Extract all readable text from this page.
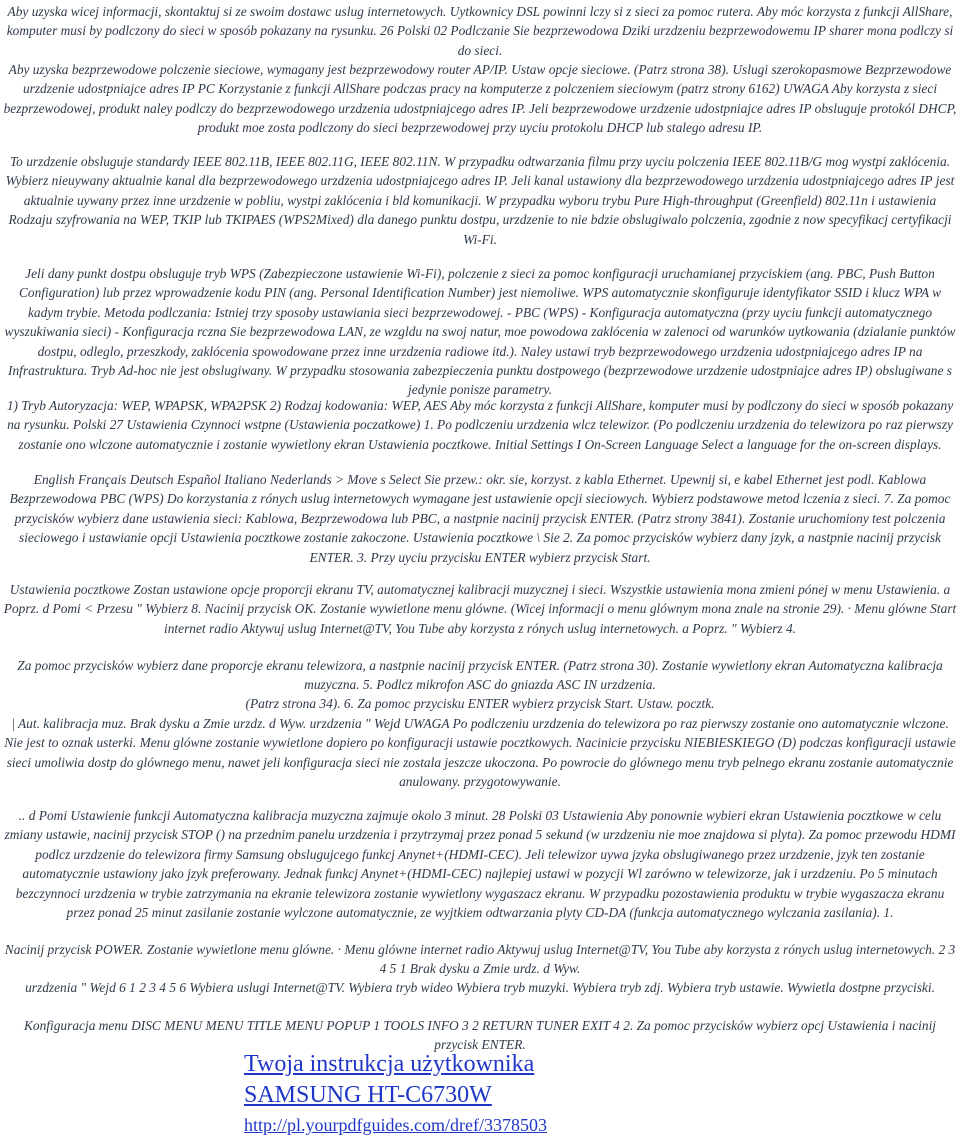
Aby uzyska wicej informacji, skontaktuj si ze swoim dostawc uslug internetowych. Uytkownicy DSL powinni lczy si z sieci za pomoc rutera. Aby móc korzysta z funkcji AllShare, komputer musi by podlczony do sieci w sposób pokazany na rysunku. 26 Polski 02 Podlczanie Sie bezprzewodowa Dziki urzdzeniu bezprzewodowemu IP sharer mona podlczy si do sieci.

Aby uzyska bezprzewodowe polczenie sieciowe, wymagany jest bezprzewodowy router AP/IP. Ustaw opcje sieciowe. (Patrz strona 38). Uslugi szerokopasmowe Bezprzewodowe urzdzenie udostpniajce adres IP PC Korzystanie z funkcji AllShare podczas pracy na komputerze z polczeniem sieciowym (patrz strony 6162) UWAGA Aby korzysta z sieci bezprzewodowej, produkt naley podlczy do bezprzewodowego urzdzenia udostpniajcego adres IP. Jeli bezprzewodowe urzdzenie udostpniajce adres IP obsluguje protokól DHCP, produkt moe zosta podlczony do sieci bezprzewodowej przy uyciu protokolu DHCP lub stalego adresu IP.

To urzdzenie obsluguje standardy IEEE 802.11B, IEEE 802.11G, IEEE 802.11N. W przypadku odtwarzania filmu przy uyciu polczenia IEEE 802.11B/G mog wystpi zaklócenia. Wybierz nieuywany aktualnie kanal dla bezprzewodowego urzdzenia udostpniajcego adres IP. Jeli kanal ustawiony dla bezprzewodowego urzdzenia udostpniajcego adres IP jest aktualnie uywany przez inne urzdzenie w pobliu, wystpi zaklócenia i bld komunikacji. W przypadku wyboru trybu Pure High-throughput (Greenfield) 802.11n i ustawienia Rodzaju szyfrowania na WEP, TKIP lub TKIPAES (WPS2Mixed) dla danego punktu dostpu, urzdzenie to nie bdzie obslugiwalo polczenia, zgodnie z now specyfikacj certyfikacji Wi-Fi.

Jeli dany punkt dostpu obsluguje tryb WPS (Zabezpieczone ustawienie Wi-Fi), polczenie z sieci za pomoc konfiguracji uruchamianej przyciskiem (ang. PBC, Push Button Configuration) lub przez wprowadzenie kodu PIN (ang. Personal Identification Number) jest niemoliwe. WPS automatycznie skonfiguruje identyfikator SSID i klucz WPA w kadym trybie. Metoda podlczania: Istniej trzy sposoby ustawiania sieci bezprzewodowej. - PBC (WPS) - Konfiguracja automatyczna (przy uyciu funkcji automatycznego wyszukiwania sieci) - Konfiguracja rczna Sie bezprzewodowa LAN, ze wzgldu na swoj natur, moe powodowa zaklócenia w zalenoci od warunków uytkowania (dzialanie punktów dostpu, odleglo, przeszkody, zaklócenia spowodowane przez inne urzdzenia radiowe itd.). Naley ustawi tryb bezprzewodowego urzdzenia udostpniajcego adres IP na Infrastruktura. Tryb Ad-hoc nie jest obslugiwany. W przypadku stosowania zabezpieczenia punktu dostpowego (bezprzewodowe urzdzenie udostpniajce adres IP) obslugiwane s jedynie ponisze parametry.

1) Tryb Autoryzacja: WEP, WPAPSK, WPA2PSK 2) Rodzaj kodowania: WEP, AES Aby móc korzysta z funkcji AllShare, komputer musi by podlczony do sieci w sposób pokazany na rysunku. Polski 27 Ustawienia Czynnoci wstpne (Ustawienia poczatkowe) 1. Po podlczeniu urzdzenia wlcz telewizor. (Po podlczeniu urzdzenia do telewizora po raz pierwszy zostanie ono wlczone automatycznie i zostanie wywietlony ekran Ustawienia pocztkowe. Initial Settings I On-Screen Language Select a language for the on-screen displays.

English Français Deutsch Español Italiano Nederlands > Move s Select Sie przew.: okr. sie, korzyst. z kabla Ethernet. Upewnij si, e kabel Ethernet jest podl. Kablowa Bezprzewodowa PBC (WPS) Do korzystania z rónych uslug internetowych wymagane jest ustawienie opcji sieciowych. Wybierz podstawowe metod lczenia z sieci. 7. Za pomoc przycisków wybierz dane ustawienia sieci: Kablowa, Bezprzewodowa lub PBC, a nastpnie nacinij przycisk ENTER. (Patrz strony 3841). Zostanie uruchomiony test polczenia sieciowego i ustawianie opcji Ustawienia pocztkowe zostanie zakoczone. Ustawienia pocztkowe \ Sie 2. Za pomoc przycisków wybierz dany jzyk, a nastpnie nacinij przycisk ENTER. 3. Przy uyciu przycisku ENTER wybierz przycisk Start.

Ustawienia pocztkowe Zostan ustawione opcje proporcji ekranu TV, automatycznej kalibracji muzycznej i sieci. Wszystkie ustawienia mona zmieni pónej w menu Ustawienia. a Poprz. d Pomi < Przesu " Wybierz 8. Nacinij przycisk OK. Zostanie wywietlone menu glówne. (Wicej informacji o menu glównym mona znale na stronie 29). · Menu glówne Start internet radio Aktywuj uslug Internet@TV, You Tube aby korzysta z rónych uslug internetowych. a Poprz. " Wybierz 4.

Za pomoc przycisków wybierz dane proporcje ekranu telewizora, a nastpnie nacinij przycisk ENTER. (Patrz strona 30). Zostanie wywietlony ekran Automatyczna kalibracja muzyczna. 5. Podlcz mikrofon ASC do gniazda ASC IN urzdzenia.

(Patrz strona 34). 6. Za pomoc przycisku ENTER wybierz przycisk Start. Ustaw. pocztk.

| Aut. kalibracja muz. Brak dysku a Zmie urzdz. d Wyw. urzdzenia " Wejd UWAGA Po podlczeniu urzdzenia do telewizora po raz pierwszy zostanie ono automatycznie wlczone. Nie jest to oznak usterki. Menu glówne zostanie wywietlone dopiero po konfiguracji ustawie pocztkowych. Nacinicie przycisku NIEBIESKIEGO (D) podczas konfiguracji ustawie sieci umoliwia dostp do glównego menu, nawet jeli konfiguracja sieci nie zostala jeszcze ukoczona. Po powrocie do glównego menu tryb pelnego ekranu zostanie automatycznie anulowany. przygotowywanie.

.. d Pomi Ustawienie funkcji Automatyczna kalibracja muzyczna zajmuje okolo 3 minut. 28 Polski 03 Ustawienia Aby ponownie wybieri ekran Ustawienia pocztkowe w celu zmiany ustawie, nacinij przycisk STOP () na przednim panelu urzdzenia i przytrzymaj przez ponad 5 sekund (w urzdzeniu nie moe znajdowa si plyta). Za pomoc przewodu HDMI podlcz urzdzenie do telewizora firmy Samsung obslugujcego funkcj Anynet+(HDMI-CEC). Jeli telewizor uywa jzyka obslugiwanego przez urzdzenie, jzyk ten zostanie automatycznie ustawiony jako jzyk preferowany. Jednak funkcj Anynet+(HDMI-CEC) najlepiej ustawi w pozycji Wl zarówno w telewizorze, jak i urzdzeniu. Po 5 minutach bezczynnoci urzdzenia w trybie zatrzymania na ekranie telewizora zostanie wywietlony wygaszacz ekranu. W przypadku pozostawienia produktu w trybie wygaszacza ekranu przez ponad 25 minut zasilanie zostanie wylczone automatycznie, ze wyjtkiem odtwarzania plyty CD-DA (funkcja automatycznego wylczania zasilania). 1.

Nacinij przycisk POWER. Zostanie wywietlone menu glówne. · Menu glówne internet radio Aktywuj uslug Internet@TV, You Tube aby korzysta z rónych uslug internetowych. 2 3 4 5 1 Brak dysku a Zmie urdz. d Wyw.

urzdzenia " Wejd 6 1 2 3 4 5 6 Wybiera uslugi Internet@TV. Wybiera tryb wideo Wybiera tryb muzyki. Wybiera tryb zdj. Wybiera tryb ustawie. Wywietla dostpne przyciski.

Konfiguracja menu DISC MENU MENU TITLE MENU POPUP 1 TOOLS INFO 3 2 RETURN TUNER EXIT 4 2. Za pomoc przycisków wybierz opcj Ustawienia i nacinij przycisk ENTER.

Twoja instrukcja użytkownika
SAMSUNG HT-C6730W
http://pl.yourpdfguides.com/dref/3378503
